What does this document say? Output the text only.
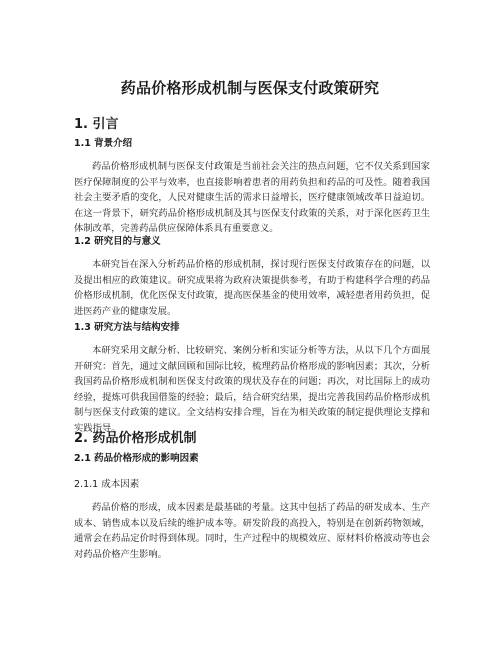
药品价格形成机制与医保支付政策研究
1. 引言
1.1 背景介绍

药品价格形成机制与医保支付政策是当前社会关注的热点问题，它不仅关系到国家医疗保障制度的公平与效率，也直接影响着患者的用药负担和药品的可及性。随着我国社会主要矛盾的变化，人民对健康生活的需求日益增长，医疗健康领域改革日益迫切。在这一背景下，研究药品价格形成机制及其与医保支付政策的关系，对于深化医药卫生体制改革，完善药品供应保障体系具有重要意义。

1.2 研究目的与意义

本研究旨在深入分析药品价格的形成机制，探讨现行医保支付政策存在的问题，以及提出相应的政策建议。研究成果将为政府决策提供参考，有助于构建科学合理的药品价格形成机制，优化医保支付政策，提高医保基金的使用效率，减轻患者用药负担，促进医药产业的健康发展。

1.3 研究方法与结构安排

本研究采用文献分析、比较研究、案例分析和实证分析等方法，从以下几个方面展开研究：首先，通过文献回顾和国际比较，梳理药品价格形成的影响因素；其次，分析我国药品价格形成机制和医保支付政策的现状及存在的问题；再次，对比国际上的成功经验，提炼可供我国借鉴的经验；最后，结合研究结果，提出完善我国药品价格形成机制与医保支付政策的建议。全文结构安排合理，旨在为相关政策的制定提供理论支撑和实践指导。

2. 药品价格形成机制
2.1 药品价格形成的影响因素
2.1.1 成本因素

药品价格的形成，成本因素是最基础的考量。这其中包括了药品的研发成本、生产成本、销售成本以及后续的维护成本等。研发阶段的高投入，特别是在创新药物领域，通常会在药品定价时得到体现。同时，生产过程中的规模效应、原材料价格波动等也会对药品价格产生影响。
